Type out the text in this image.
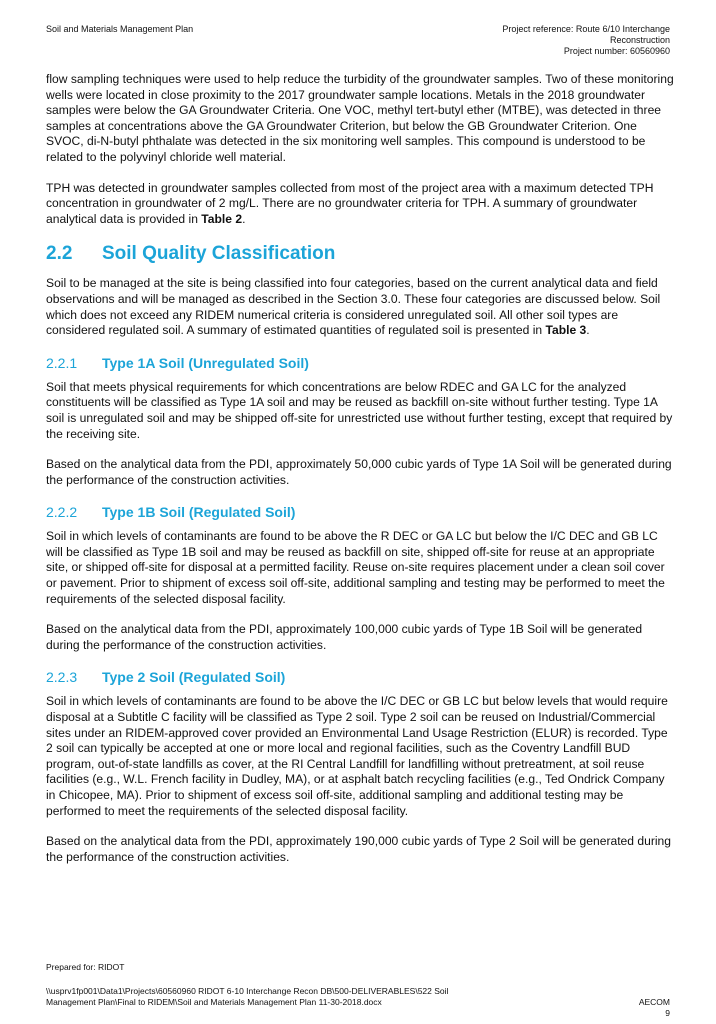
Soil and Materials Management Plan	Project reference: Route 6/10 Interchange
Reconstruction
Project number: 60560960

flow sampling techniques were used to help reduce the turbidity of the groundwater samples. Two of these monitoring wells were located in close proximity to the 2017 groundwater sample locations. Metals in the 2018 groundwater samples were below the GA Groundwater Criteria. One VOC, methyl tert-butyl ether (MTBE), was detected in three samples at concentrations above the GA Groundwater Criterion, but below the GB Groundwater Criterion. One SVOC, di-N-butyl phthalate was detected in the six monitoring well samples. This compound is understood to be related to the polyvinyl chloride well material.

TPH was detected in groundwater samples collected from most of the project area with a maximum detected TPH concentration in groundwater of 2 mg/L. There are no groundwater criteria for TPH. A summary of groundwater analytical data is provided in Table 2.

2.2 Soil Quality Classification

Soil to be managed at the site is being classified into four categories, based on the current analytical data and field observations and will be managed as described in the Section 3.0. These four categories are discussed below. Soil which does not exceed any RIDEM numerical criteria is considered unregulated soil. All other soil types are considered regulated soil. A summary of estimated quantities of regulated soil is presented in Table 3.

2.2.1 Type 1A Soil (Unregulated Soil)

Soil that meets physical requirements for which concentrations are below RDEC and GA LC for the analyzed constituents will be classified as Type 1A soil and may be reused as backfill on-site without further testing. Type 1A soil is unregulated soil and may be shipped off-site for unrestricted use without further testing, except that required by the receiving site.

Based on the analytical data from the PDI, approximately 50,000 cubic yards of Type 1A Soil will be generated during the performance of the construction activities.

2.2.2 Type 1B Soil (Regulated Soil)

Soil in which levels of contaminants are found to be above the R DEC or GA LC but below the I/C DEC and GB LC will be classified as Type 1B soil and may be reused as backfill on site, shipped off-site for reuse at an appropriate site, or shipped off-site for disposal at a permitted facility. Reuse on-site requires placement under a clean soil cover or pavement. Prior to shipment of excess soil off-site, additional sampling and testing may be performed to meet the requirements of the selected disposal facility.

Based on the analytical data from the PDI, approximately 100,000 cubic yards of Type 1B Soil will be generated during the performance of the construction activities.

2.2.3 Type 2 Soil (Regulated Soil)

Soil in which levels of contaminants are found to be above the I/C DEC or GB LC but below levels that would require disposal at a Subtitle C facility will be classified as Type 2 soil. Type 2 soil can be reused on Industrial/Commercial sites under an RIDEM-approved cover provided an Environmental Land Usage Restriction (ELUR) is recorded. Type 2 soil can typically be accepted at one or more local and regional facilities, such as the Coventry Landfill BUD program, out-of-state landfills as cover, at the RI Central Landfill for landfilling without pretreatment, at soil reuse facilities (e.g., W.L. French facility in Dudley, MA), or at asphalt batch recycling facilities (e.g., Ted Ondrick Company in Chicopee, MA). Prior to shipment of excess soil off-site, additional sampling and additional testing may be performed to meet the requirements of the selected disposal facility.

Based on the analytical data from the PDI, approximately 190,000 cubic yards of Type 2 Soil will be generated during the performance of the construction activities.

Prepared for: RIDOT
\\usprv1fp001\Data1\Projects\60560960 RIDOT 6-10 Interchange Recon DB\500-DELIVERABLES\522 Soil Management Plan\Final to RIDEM\Soil and Materials Management Plan 11-30-2018.docx	AECOM
9
